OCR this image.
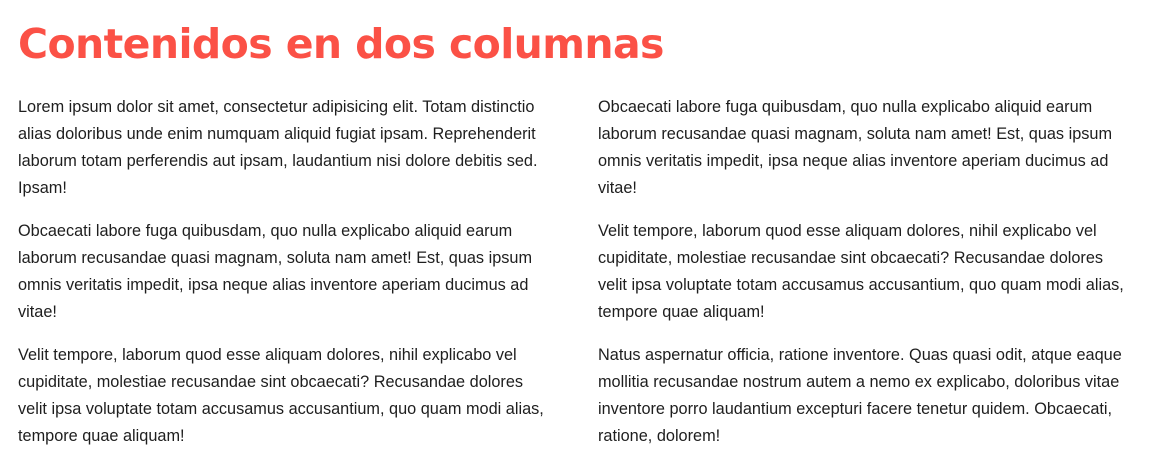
Contenidos en dos columnas

Lorem ipsum dolor sit amet, consectetur adipisicing elit. Totam distinctio alias doloribus unde enim numquam aliquid fugiat ipsam. Reprehenderit laborum totam perferendis aut ipsam, laudantium nisi dolore debitis sed. Ipsam!

Obcaecati labore fuga quibusdam, quo nulla explicabo aliquid earum laborum recusandae quasi magnam, soluta nam amet! Est, quas ipsum omnis veritatis impedit, ipsa neque alias inventore aperiam ducimus ad vitae!

Velit tempore, laborum quod esse aliquam dolores, nihil explicabo vel cupiditate, molestiae recusandae sint obcaecati? Recusandae dolores velit ipsa voluptate totam accusamus accusantium, quo quam modi alias, tempore quae aliquam!

Obcaecati labore fuga quibusdam, quo nulla explicabo aliquid earum laborum recusandae quasi magnam, soluta nam amet! Est, quas ipsum omnis veritatis impedit, ipsa neque alias inventore aperiam ducimus ad vitae!

Velit tempore, laborum quod esse aliquam dolores, nihil explicabo vel cupiditate, molestiae recusandae sint obcaecati? Recusandae dolores velit ipsa voluptate totam accusamus accusantium, quo quam modi alias, tempore quae aliquam!

Natus aspernatur officia, ratione inventore. Quas quasi odit, atque eaque mollitia recusandae nostrum autem a nemo ex explicabo, doloribus vitae inventore porro laudantium excepturi facere tenetur quidem. Obcaecati, ratione, dolorem!
